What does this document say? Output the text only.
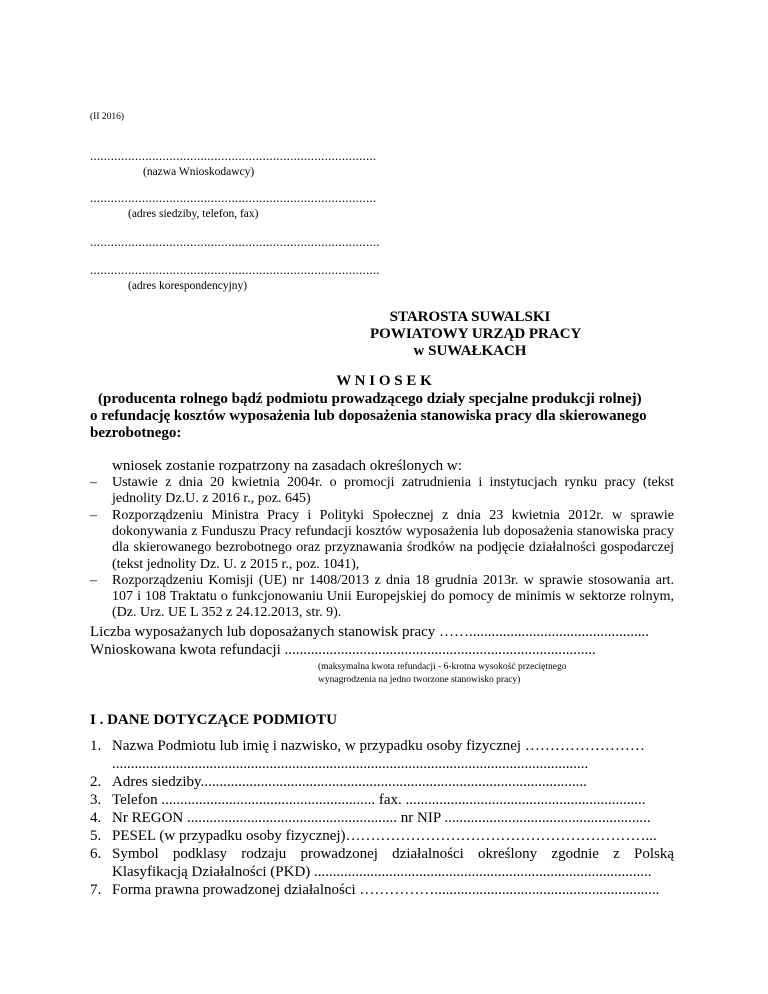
(II 2016)
...................................................................................
(nazwa Wnioskodawcy)
...................................................................................
(adres siedziby, telefon, fax)
....................................................................................
....................................................................................
(adres korespondencyjny)
STAROSTA SUWALSKI
POWIATOWY URZĄD PRACY
w SUWAŁKACH
W N I O S E K
(producenta rolnego bądź podmiotu prowadzącego działy specjalne produkcji rolnej)
o refundację kosztów wyposażenia lub doposażenia stanowiska pracy dla skierowanego
bezrobotnego:
wniosek zostanie rozpatrzony na zasadach określonych w:
– Ustawie z dnia 20 kwietnia 2004r. o promocji zatrudnienia i instytucjach rynku pracy (tekst jednolity Dz.U. z 2016 r., poz. 645)
– Rozporządzeniu Ministra Pracy i Polityki Społecznej z dnia 23 kwietnia 2012r. w sprawie dokonywania z Funduszu Pracy refundacji kosztów wyposażenia lub doposażenia stanowiska pracy dla skierowanego bezrobotnego oraz przyznawania środków na podjęcie działalności gospodarczej (tekst jednolity Dz. U. z 2015 r., poz. 1041),
– Rozporządzeniu Komisji (UE) nr 1408/2013 z dnia 18 grudnia 2013r. w sprawie stosowania art. 107 i 108 Traktatu o funkcjonowaniu Unii Europejskiej do pomocy de minimis w sektorze rolnym, (Dz. Urz. UE L 352 z 24.12.2013, str. 9).
Liczba wyposażanych lub doposażanych stanowisk pracy ……................................................
Wnioskowana kwota refundacji ...................................................................................
(maksymalna kwota refundacji - 6-krotna wysokość przeciętnego
wynagrodzenia na jedno tworzone stanowisko pracy)
I . DANE DOTYCZĄCE PODMIOTU
1. Nazwa Podmiotu lub imię i nazwisko, w przypadku osoby fizycznej ……………………
...............................................................................................................................
2. Adres siedziby.......................................................................................................
3. Telefon ......................................................... fax. ................................................................
4. Nr REGON ........................................................ nr NIP .......................................................
5. PESEL (w przypadku osoby fizycznej)……………………………………………………...
6. Symbol podklasy rodzaju prowadzonej działalności określony zgodnie z Polską
Klasyfikacją Działalności (PKD) ..........................................................................................
7. Forma prawna prowadzonej działalności ……………............................................................
